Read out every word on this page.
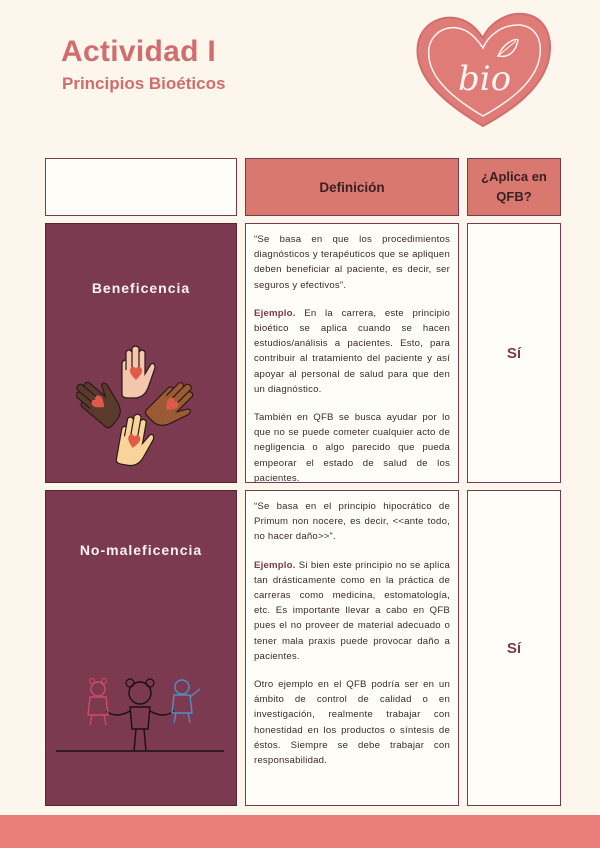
Actividad I
Principios Bioéticos	bio
Definición
¿Aplica en QFB?
Beneficencia

“Se basa en que los procedimientos diagnósticos y terapéuticos que se apliquen deben beneficiar al paciente, es decir, ser seguros y efectivos”.

Ejemplo. En la carrera, este principio bioético se aplica cuando se hacen estudios/análisis a pacientes. Esto, para contribuir al tratamiento del paciente y así apoyar al personal de salud para que den un diagnóstico.

También en QFB se busca ayudar por lo que no se puede cometer cualquier acto de negligencia o algo parecido que pueda empeorar el estado de salud de los pacientes.

Sí
No-maleficencia

“Se basa en el principio hipocrático de Primum non nocere, es decir, <<ante todo, no hacer daño>>”.

Ejemplo. Si bien este principio no se aplica tan drásticamente como en la práctica de carreras como medicina, estomatología, etc. Es importante llevar a cabo en QFB pues el no proveer de material adecuado o tener mala praxis puede provocar daño a pacientes.

Otro ejemplo en el QFB podría ser en un ámbito de control de calidad o en investigación, realmente trabajar con honestidad en los productos o síntesis de éstos. Siempre se debe trabajar con responsabilidad.

Sí
